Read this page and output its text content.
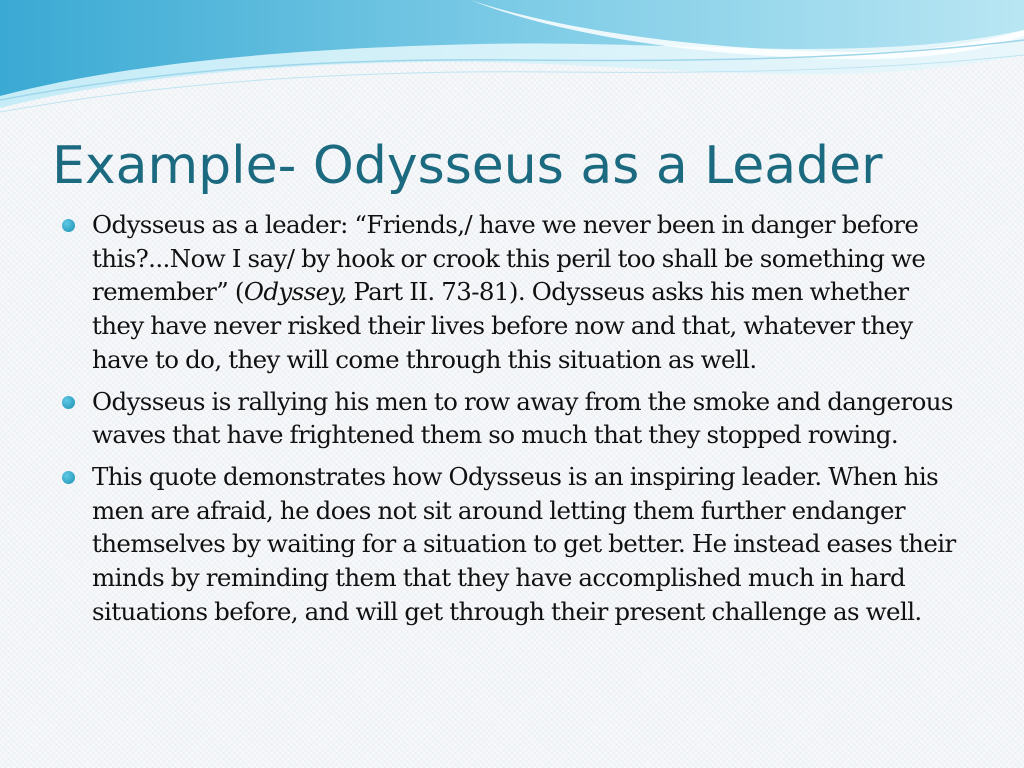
Example- Odysseus as a Leader
Odysseus as a leader: “Friends,/ have we never been in danger before this?...Now I say/ by hook or crook this peril too shall be something we remember” (Odyssey, Part II. 73-81). Odysseus asks his men whether they have never risked their lives before now and that, whatever they have to do, they will come through this situation as well.
Odysseus is rallying his men to row away from the smoke and dangerous waves that have frightened them so much that they stopped rowing.
This quote demonstrates how Odysseus is an inspiring leader. When his men are afraid, he does not sit around letting them further endanger themselves by waiting for a situation to get better. He instead eases their minds by reminding them that they have accomplished much in hard situations before, and will get through their present challenge as well.
